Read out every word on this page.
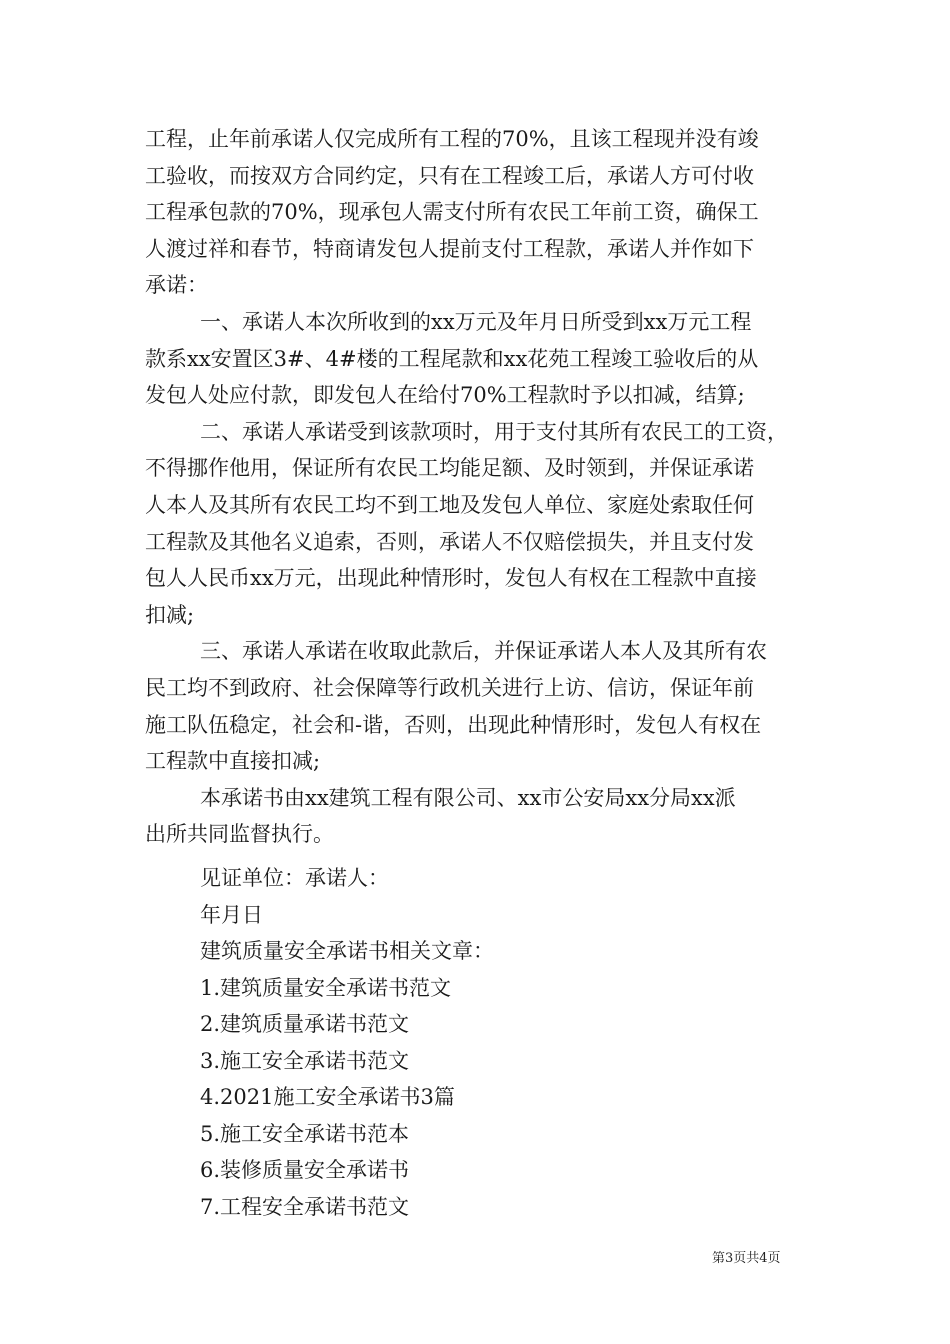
工程，止年前承诺人仅完成所有工程的70%，且该工程现并没有竣
工验收，而按双方合同约定，只有在工程竣工后，承诺人方可付收
工程承包款的70%，现承包人需支付所有农民工年前工资，确保工
人渡过祥和春节，特商请发包人提前支付工程款，承诺人并作如下
承诺：
一、承诺人本次所收到的xx万元及年月日所受到xx万元工程
款系xx安置区3#、4#楼的工程尾款和xx花苑工程竣工验收后的从
发包人处应付款，即发包人在给付70%工程款时予以扣减，结算;
二、承诺人承诺受到该款项时，用于支付其所有农民工的工资，
不得挪作他用，保证所有农民工均能足额、及时领到，并保证承诺
人本人及其所有农民工均不到工地及发包人单位、家庭处索取任何
工程款及其他名义追索，否则，承诺人不仅赔偿损失，并且支付发
包人人民币xx万元，出现此种情形时，发包人有权在工程款中直接
扣减;
三、承诺人承诺在收取此款后，并保证承诺人本人及其所有农
民工均不到政府、社会保障等行政机关进行上访、信访，保证年前
施工队伍稳定，社会和-谐，否则，出现此种情形时，发包人有权在
工程款中直接扣减;
本承诺书由xx建筑工程有限公司、xx市公安局xx分局xx派
出所共同监督执行。
见证单位：承诺人：
年月日
建筑质量安全承诺书相关文章：
1.建筑质量安全承诺书范文
2.建筑质量承诺书范文
3.施工安全承诺书范文
4.2021施工安全承诺书3篇
5.施工安全承诺书范本
6.装修质量安全承诺书
7.工程安全承诺书范文
第3页共4页
